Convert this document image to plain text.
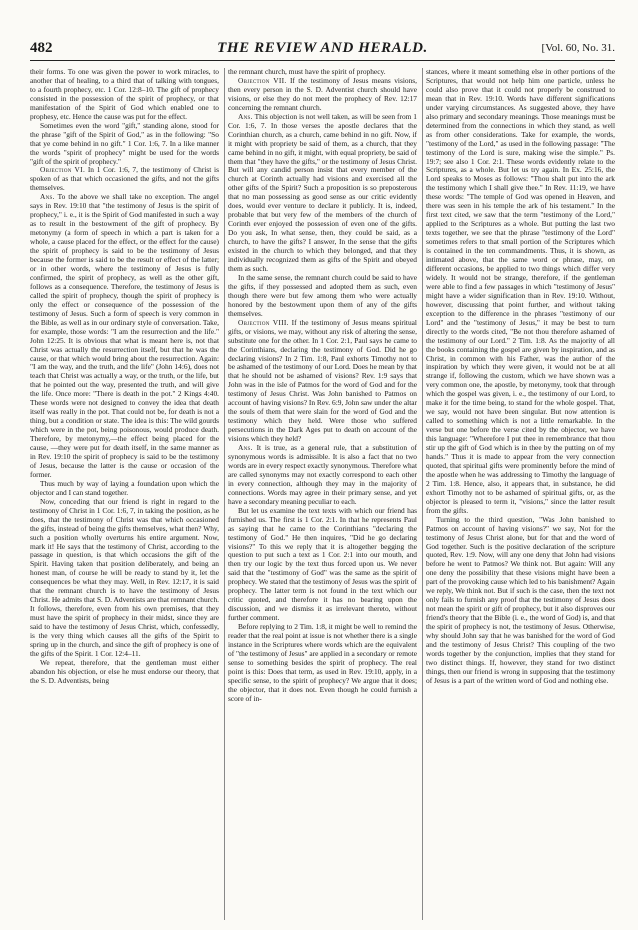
482	THE REVIEW AND HERALD.	[Vol. 60, No. 31.

their forms. To one was given the power to work miracles, to another that of healing, to a third that of talking with tongues, to a fourth prophecy, etc. 1 Cor. 12:8–10. The gift of prophecy consisted in the possession of the spirit of prophecy, or that manifestation of the Spirit of God which enabled one to prophesy, etc. Hence the cause was put for the effect.

Sometimes even the word "gift," standing alone, stood for the phrase "gift of the Spirit of God," as in the following: "So that ye come behind in no gift." 1 Cor. 1:6, 7. In a like manner the words "spirit of prophecy" might be used for the words "gift of the spirit of prophecy."

Objection VI. In 1 Cor. 1:6, 7, the testimony of Christ is spoken of as that which occasioned the gifts, and not the gifts themselves.

Ans. To the above we shall take no exception. The angel says in Rev. 19:10 that "the testimony of Jesus is the spirit of prophecy," i. e., it is the Spirit of God manifested in such a way as to result in the bestowment of the gift of prophecy. By metonymy (a form of speech in which a part is taken for a whole, a cause placed for the effect, or the effect for the cause) the spirit of prophecy is said to be the testimony of Jesus because the former is said to be the result or effect of the latter; or in other words, where the testimony of Jesus is fully confirmed, the spirit of prophecy, as well as the other gift, follows as a consequence. Therefore, the testimony of Jesus is called the spirit of prophecy, though the spirit of prophecy is only the effect or consequence of the possession of the testimony of Jesus. Such a form of speech is very common in the Bible, as well as in our ordinary style of conversation. Take, for example, those words: "I am the resurrection and the life." John 12:25. It is obvious that what is meant here is, not that Christ was actually the resurrection itself, but that he was the cause, or that which would bring about the resurrection. Again: "I am the way, and the truth, and the life" (John 14:6), does not teach that Christ was actually a way, or the truth, or the life, but that he pointed out the way, presented the truth, and will give the life. Once more: "There is death in the pot." 2 Kings 4:40. These words were not designed to convey the idea that death itself was really in the pot. That could not be, for death is not a thing, but a condition or state. The idea is this: The wild gourds which were in the pot, being poisonous, would produce death. Therefore, by metonymy,—the effect being placed for the cause, —they were put for death itself, in the same manner as in Rev. 19:10 the spirit of prophecy is said to be the testimony of Jesus, because the latter is the cause or occasion of the former.

Thus much by way of laying a foundation upon which the objector and I can stand together.

Now, conceding that our friend is right in regard to the testimony of Christ in 1 Cor. 1:6, 7, in taking the position, as he does, that the testimony of Christ was that which occasioned the gifts, instead of being the gifts themselves, what then? Why, such a position wholly overturns his entire argument. Now, mark it! He says that the testimony of Christ, according to the passage in question, is that which occasions the gift of the Spirit. Having taken that position deliberately, and being an honest man, of course he will be ready to stand by it, let the consequences be what they may. Well, in Rev. 12:17, it is said that the remnant church is to have the testimony of Jesus Christ. He admits that S. D. Adventists are that remnant church. It follows, therefore, even from his own premises, that they must have the spirit of prophecy in their midst, since they are said to have the testimony of Jesus Christ, which, confessedly, is the very thing which causes all the gifts of the Spirit to spring up in the church, and since the gift of prophecy is one of the gifts of the Spirit. 1 Cor. 12:4–11.

We repeat, therefore, that the gentleman must either abandon his objection, or else he must endorse our theory, that the S. D. Adventists, being

the remnant church, must have the spirit of prophecy.

Objection VII. If the testimony of Jesus means visions, then every person in the S. D. Adventist church should have visions, or else they do not meet the prophecy of Rev. 12:17 concerning the remnant church.

Ans. This objection is not well taken, as will be seen from 1 Cor. 1:6, 7. In those verses the apostle declares that the Corinthian church, as a church, came behind in no gift. Now, if it might with propriety be said of them, as a church, that they came behind in no gift, it might, with equal propriety, be said of them that "they have the gifts," or the testimony of Jesus Christ. But will any candid person insist that every member of the church at Corinth actually had visions and exercised all the other gifts of the Spirit? Such a proposition is so preposterous that no man possessing as good sense as our critic evidently does, would ever venture to declare it publicly. It is, indeed, probable that but very few of the members of the church of Corinth ever enjoyed the possession of even one of the gifts. Do you ask, In what sense, then, they could be said, as a church, to have the gifts? I answer, In the sense that the gifts existed in the church to which they belonged, and that they individually recognized them as gifts of the Spirit and obeyed them as such.

In the same sense, the remnant church could be said to have the gifts, if they possessed and adopted them as such, even though there were but few among them who were actually honored by the bestowment upon them of any of the gifts themselves.

Objection VIII. If the testimony of Jesus means spiritual gifts, or visions, we may, without any risk of altering the sense, substitute one for the other. In 1 Cor. 2:1, Paul says he came to the Corinthians, declaring the testimony of God. Did he go declaring visions? In 2 Tim. 1:8, Paul exhorts Timothy not to be ashamed of the testimony of our Lord. Does he mean by that that he should not be ashamed of visions? Rev. 1:9 says that John was in the isle of Patmos for the word of God and for the testimony of Jesus Christ. Was John banished to Patmos on account of having visions? In Rev. 6:9, John saw under the altar the souls of them that were slain for the word of God and the testimony which they held. Were those who suffered persecutions in the Dark Ages put to death on account of the visions which they held?

Ans. It is true, as a general rule, that a substitution of synonymous words is admissible. It is also a fact that no two words are in every respect exactly synonymous. Therefore what are called synonyms may not exactly correspond to each other in every connection, although they may in the majority of connections. Words may agree in their primary sense, and yet have a secondary meaning peculiar to each.

But let us examine the text texts with which our friend has furnished us. The first is 1 Cor. 2:1. In that he represents Paul as saying that he came to the Corinthians "declaring the testimony of God." He then inquires, "Did he go declaring visions?" To this we reply that it is altogether begging the question to put such a text as 1 Cor. 2:1 into our mouth, and then try our logic by the text thus forced upon us. We never said that the "testimony of God" was the same as the spirit of prophecy. We stated that the testimony of Jesus was the spirit of prophecy. The latter term is not found in the text which our critic quoted, and therefore it has no bearing upon the discussion, and we dismiss it as irrelevant thereto, without further comment.

Before replying to 2 Tim. 1:8, it might be well to remind the reader that the real point at issue is not whether there is a single instance in the Scriptures where words which are the equivalent of "the testimony of Jesus" are applied in a secondary or remote sense to something besides the spirit of prophecy. The real point is this: Does that term, as used in Rev. 19:10, apply, in a specific sense, to the spirit of prophecy? We argue that it does; the objector, that it does not. Even though he could furnish a score of in-

stances, where it meant something else in other portions of the Scriptures, that would not help him one particle, unless he could also prove that it could not properly be construed to mean that in Rev. 19:10. Words have different significations under varying circumstances. As suggested above, they have also primary and secondary meanings. Those meanings must be determined from the connections in which they stand, as well as from other considerations. Take for example, the words, "testimony of the Lord," as used in the following passage: "The testimony of the Lord is sure, making wise the simple." Ps. 19:7; see also 1 Cor. 2:1. These words evidently relate to the Scriptures, as a whole. But let us try again. In Ex. 25:16, the Lord speaks to Moses as follows: "Thou shalt put into the ark the testimony which I shall give thee." In Rev. 11:19, we have these words: "The temple of God was opened in Heaven, and there was seen in his temple the ark of his testament." In the first text cited, we saw that the term "testimony of the Lord," applied to the Scriptures as a whole. But putting the last two texts together, we see that the phrase "testimony of the Lord" sometimes refers to that small portion of the Scriptures which is contained in the ten commandments. Thus, it is shown, as intimated above, that the same word or phrase, may, on different occasions, be applied to two things which differ very widely. It would not be strange, therefore, if the gentleman were able to find a few passages in which "testimony of Jesus" might have a wider signification than in Rev. 19:10. Without, however, discussing that point further, and without taking exception to the difference in the phrases "testimony of our Lord" and the "testimony of Jesus," it may be best to turn directly to the words cited, "Be not thou therefore ashamed of the testimony of our Lord." 2 Tim. 1:8. As the majority of all the books containing the gospel are given by inspiration, and as Christ, in common with his Father, was the author of the inspiration by which they were given, it would not be at all strange if, following the custom, which we have shown was a very common one, the apostle, by metonymy, took that through which the gospel was given, i. e., the testimony of our Lord, to make it for the time being, to stand for the whole gospel. That, we say, would not have been singular. But now attention is called to something which is not a little remarkable. In the verse but one before the verse cited by the objector, we have this language: "Wherefore I put thee in remembrance that thou stir up the gift of God which is in thee by the putting on of my hands." Thus it is made to appear from the very connection quoted, that spiritual gifts were prominently before the mind of the apostle when he was addressing to Timothy the language of 2 Tim. 1:8. Hence, also, it appears that, in substance, he did exhort Timothy not to be ashamed of spiritual gifts, or, as the objector is pleased to term it, "visions," since the latter result from the gifts.

Turning to the third question, "Was John banished to Patmos on account of having visions?" we say, Not for the testimony of Jesus Christ alone, but for that and the word of God together. Such is the positive declaration of the scripture quoted, Rev. 1:9. Now, will any one deny that John had visions before he went to Patmos? We think not. But again: Will any one deny the possibility that these visions might have been a part of the provoking cause which led to his banishment? Again we reply, We think not. But if such is the case, then the text not only fails to furnish any proof that the testimony of Jesus does not mean the spirit or gift of prophecy, but it also disproves our friend's theory that the Bible (i. e., the word of God) is, and that the spirit of prophecy is not, the testimony of Jesus. Otherwise, why should John say that he was banished for the word of God and the testimony of Jesus Christ? This coupling of the two words together by the conjunction, implies that they stand for two distinct things. If, however, they stand for two distinct things, then our friend is wrong in supposing that the testimony of Jesus is a part of the written word of God and nothing else.
